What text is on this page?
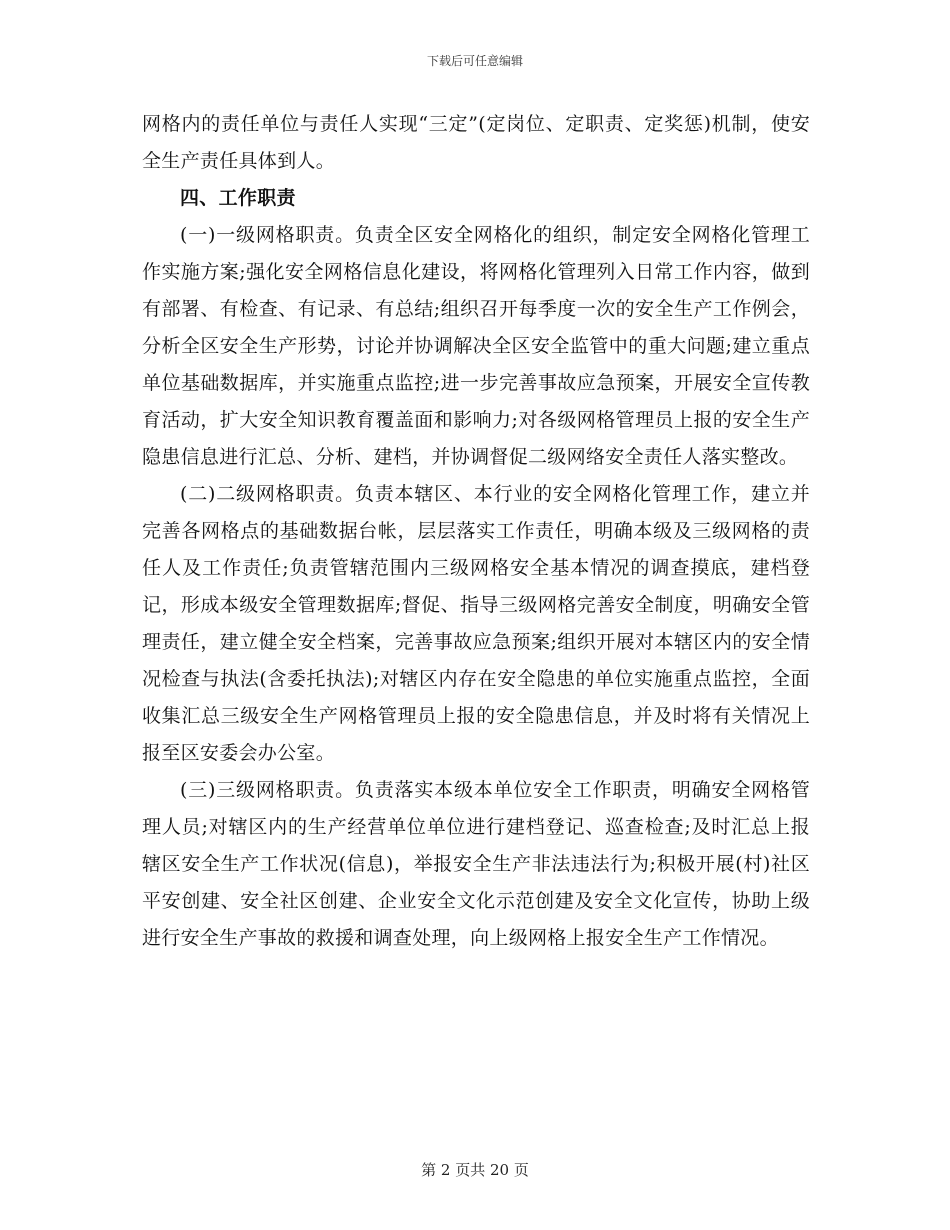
下载后可任意编辑

网格内的责任单位与责任人实现“三定”(定岗位、定职责、定奖惩)机制，使安全生产责任具体到人。

四、工作职责

(一)一级网格职责。负责全区安全网格化的组织，制定安全网格化管理工作实施方案;强化安全网格信息化建设，将网格化管理列入日常工作内容，做到有部署、有检查、有记录、有总结;组织召开每季度一次的安全生产工作例会，分析全区安全生产形势，讨论并协调解决全区安全监管中的重大问题;建立重点单位基础数据库，并实施重点监控;进一步完善事故应急预案，开展安全宣传教育活动，扩大安全知识教育覆盖面和影响力;对各级网格管理员上报的安全生产隐患信息进行汇总、分析、建档，并协调督促二级网络安全责任人落实整改。

(二)二级网格职责。负责本辖区、本行业的安全网格化管理工作，建立并完善各网格点的基础数据台帐，层层落实工作责任，明确本级及三级网格的责任人及工作责任;负责管辖范围内三级网格安全基本情况的调查摸底，建档登记，形成本级安全管理数据库;督促、指导三级网格完善安全制度，明确安全管理责任，建立健全安全档案，完善事故应急预案;组织开展对本辖区内的安全情况检查与执法(含委托执法);对辖区内存在安全隐患的单位实施重点监控，全面收集汇总三级安全生产网格管理员上报的安全隐患信息，并及时将有关情况上报至区安委会办公室。

(三)三级网格职责。负责落实本级本单位安全工作职责，明确安全网格管理人员;对辖区内的生产经营单位单位进行建档登记、巡查检查;及时汇总上报辖区安全生产工作状况(信息)，举报安全生产非法违法行为;积极开展(村)社区平安创建、安全社区创建、企业安全文化示范创建及安全文化宣传，协助上级进行安全生产事故的救援和调查处理，向上级网格上报安全生产工作情况。

第 2 页共 20 页
